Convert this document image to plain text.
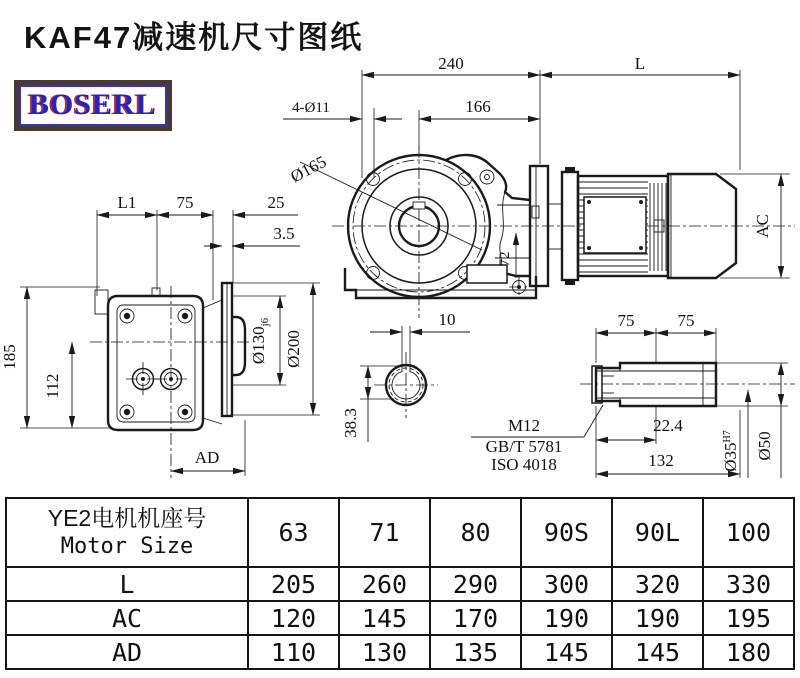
KAF47减速机尺寸图纸
BOSERL
240	L
166
4-Ø11
Ø165
AC
72
L1 75	25
3.5
185
112
AD
$Ø130_{j6}$
Ø200
10
38.3	M12
GB/T 5781
ISO 4018
75	75
22.4
132	$Ø35^{H7}$	Ø50
YE2电机机座号
Motor Size	63	71	80	90S	90L	100
L	205	260	290	300	320	330
AC	120	145	170	190	190	195
AD	110	130	135	145	145	180
